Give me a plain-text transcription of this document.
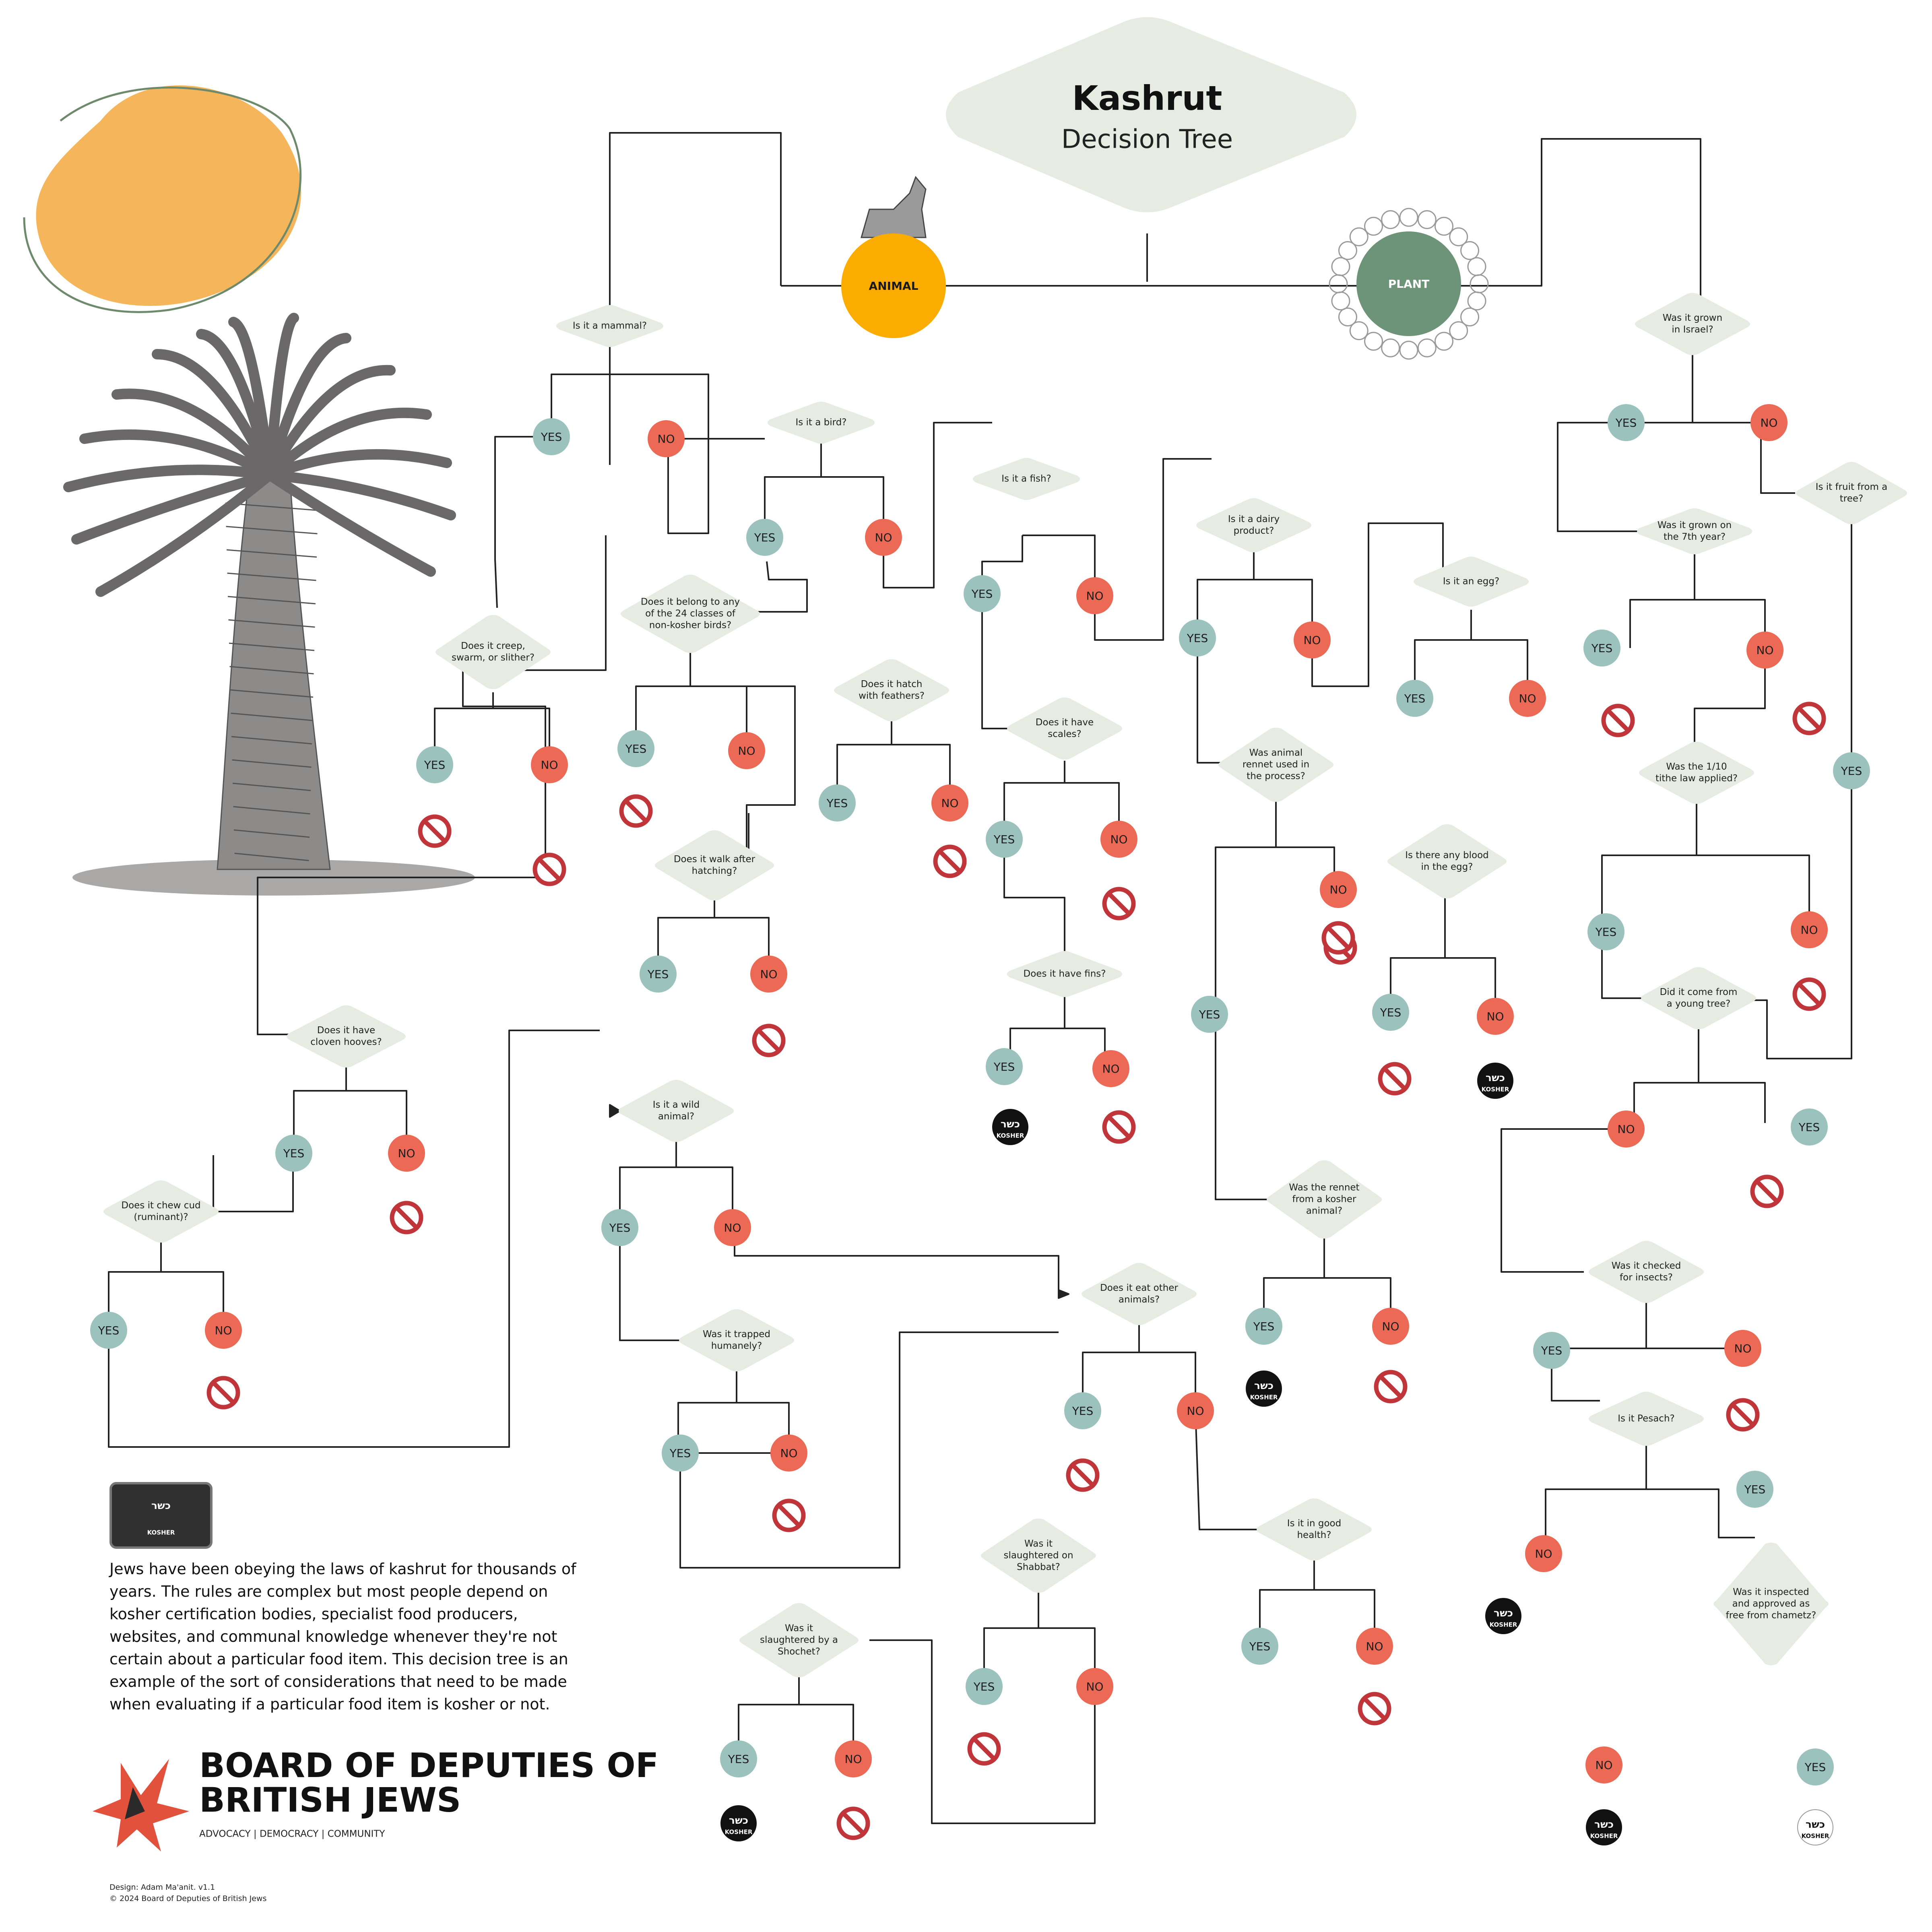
Kashrut
Decision Tree
ANIMAL	PLANT
Is it a mammal?
Is it a bird?
Is it a fish?
Is it a dairy
product?
Is it an egg?
Does it creep,
swarm, or slither?
Does it belong to any
of the 24 classes of
non-kosher birds?
Does it hatch
with feathers?
Does it have
scales?
Was animal
rennet used in
the process?
Is there any blood
in the egg?
Does it walk after
hatching?
Does it have fins?
Does it have
cloven hooves?
Is it a wild
animal?
Was the rennet
from a kosher
animal?
Does it chew cud
(ruminant)?
Does it eat other
animals?
Was it trapped
humanely?
Is it in good
health?
Was it
slaughtered on
Shabbat?
Was it
slaughtered by a
Shochet?
Was it grown
in Israel?
Is it fruit from a
tree?
Was it grown on
the 7th year?
Was the 1/10
tithe law applied?
Did it come from
a young tree?
Was it checked
for insects?
Is it Pesach?
Was it inspected
and approved as
free from chametz?
YES
YES
YES
YES
YES
YES
YES
YES
YES
YES	YES
YES
YES
YES
YES
YES
YES
YES
YES
YES
YES
YES
YES
YES
YES
YES
YES
YES
YES
YES
NO
NO
NO
NO
NO
NO
NO
NO
NO
NO
NO
NO
NO
NO
NO
NO
NO
NO
NO
NO
NO
NO
NO
NO
NO
NO
NO
NO
NO
כשר
KOSHER
כשר
KOSHER
כשר
KOSHER
כשר
KOSHER
כשר
KOSHER
כשר
KOSHER
כשר
KOSHER
כשר
KOSHER
BOARD OF DEPUTIES OF
BRITISH JEWS
ADVOCACY | DEMOCRACY | COMMUNITY
Jews have been obeying the laws of kashrut for thousands of
years. The rules are complex but most people depend on
kosher certification bodies, specialist food producers,
websites, and communal knowledge whenever they're not
certain about a particular food item. This decision tree is an
example of the sort of considerations that need to be made
when evaluating if a particular food item is kosher or not.
Design: Adam Ma'anit. v1.1
© 2024 Board of Deputies of British Jews
